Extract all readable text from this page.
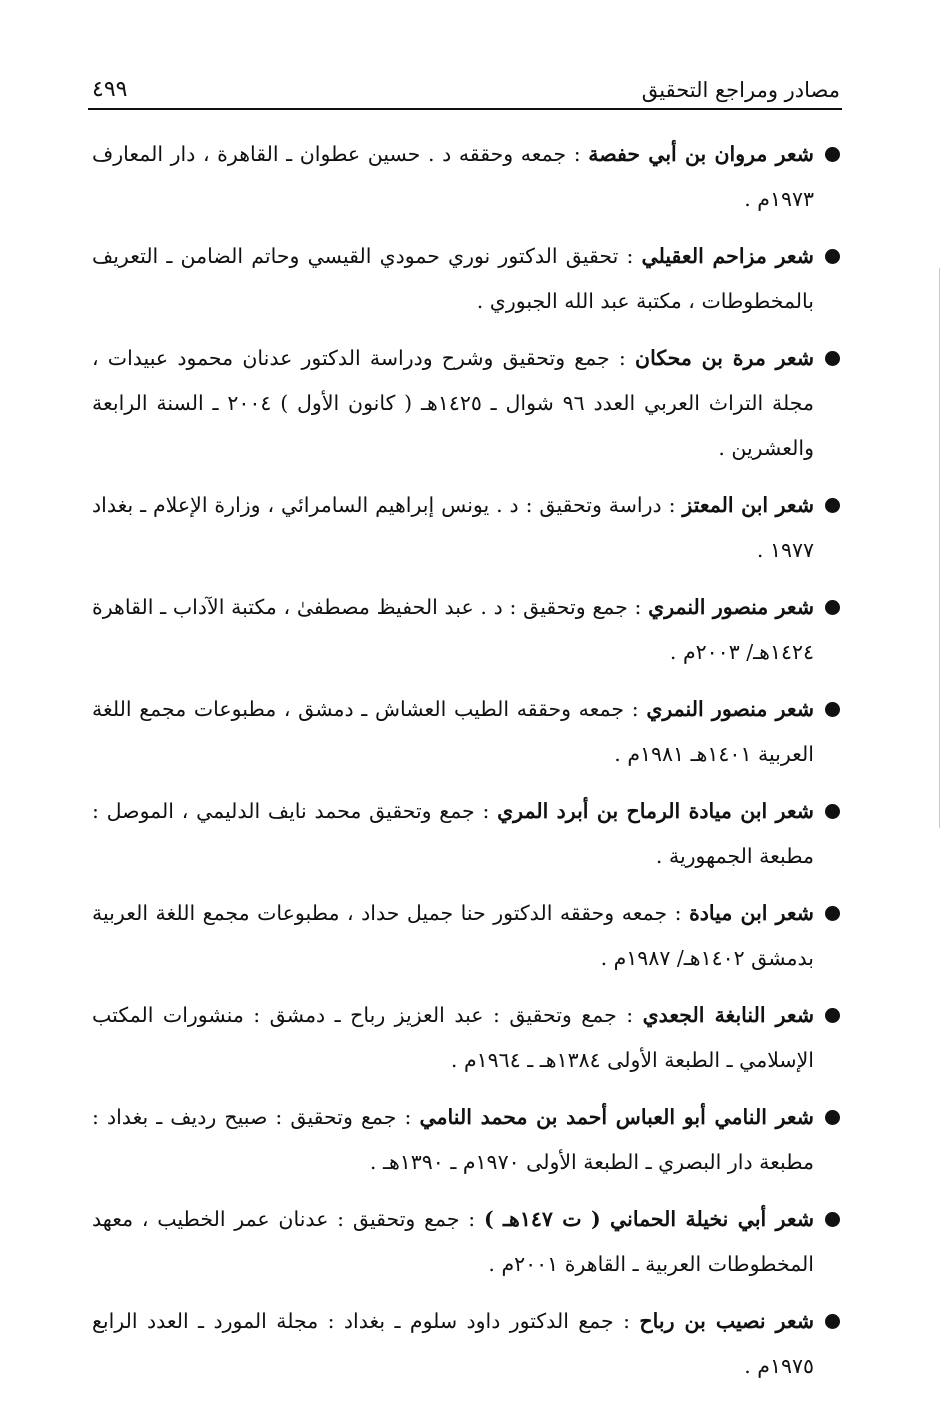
مصادر ومراجع التحقيق
٤٩٩
شعر مروان بن أبي حفصة : جمعه وحققه د . حسين عطوان ـ القاهرة ، دار المعارف ١٩٧٣م .
شعر مزاحم العقيلي : تحقيق الدكتور نوري حمودي القيسي وحاتم الضامن ـ التعريف بالمخطوطات ، مكتبة عبد الله الجبوري .
شعر مرة بن محكان : جمع وتحقيق وشرح ودراسة الدكتور عدنان محمود عبيدات ، مجلة التراث العربي العدد ٩٦ شوال ـ ١٤٢٥هـ ( كانون الأول ) ٢٠٠٤ ـ السنة الرابعة والعشرين .
شعر ابن المعتز : دراسة وتحقيق : د . يونس إبراهيم السامرائي ، وزارة الإعلام ـ بغداد ١٩٧٧ .
شعر منصور النمري : جمع وتحقيق : د . عبد الحفيظ مصطفىٰ ، مكتبة الآداب ـ القاهرة ١٤٢٤هـ/ ٢٠٠٣م .
شعر منصور النمري : جمعه وحققه الطيب العشاش ـ دمشق ، مطبوعات مجمع اللغة العربية ١٤٠١هـ ١٩٨١م .
شعر ابن ميادة الرماح بن أبرد المري : جمع وتحقيق محمد نايف الدليمي ، الموصل : مطبعة الجمهورية .
شعر ابن ميادة : جمعه وحققه الدكتور حنا جميل حداد ، مطبوعات مجمع اللغة العربية بدمشق ١٤٠٢هـ/ ١٩٨٧م .
شعر النابغة الجعدي : جمع وتحقيق : عبد العزيز رباح ـ دمشق : منشورات المكتب الإسلامي ـ الطبعة الأولى ١٣٨٤هـ ـ ١٩٦٤م .
شعر النامي أبو العباس أحمد بن محمد النامي : جمع وتحقيق : صبيح رديف ـ بغداد : مطبعة دار البصري ـ الطبعة الأولى ١٩٧٠م ـ ١٣٩٠هـ .
شعر أبي نخيلة الحماني ( ت ١٤٧هـ ) : جمع وتحقيق : عدنان عمر الخطيب ، معهد المخطوطات العربية ـ القاهرة ٢٠٠١م .
شعر نصيب بن رباح : جمع الدكتور داود سلوم ـ بغداد : مجلة المورد ـ العدد الرابع ١٩٧٥م .
